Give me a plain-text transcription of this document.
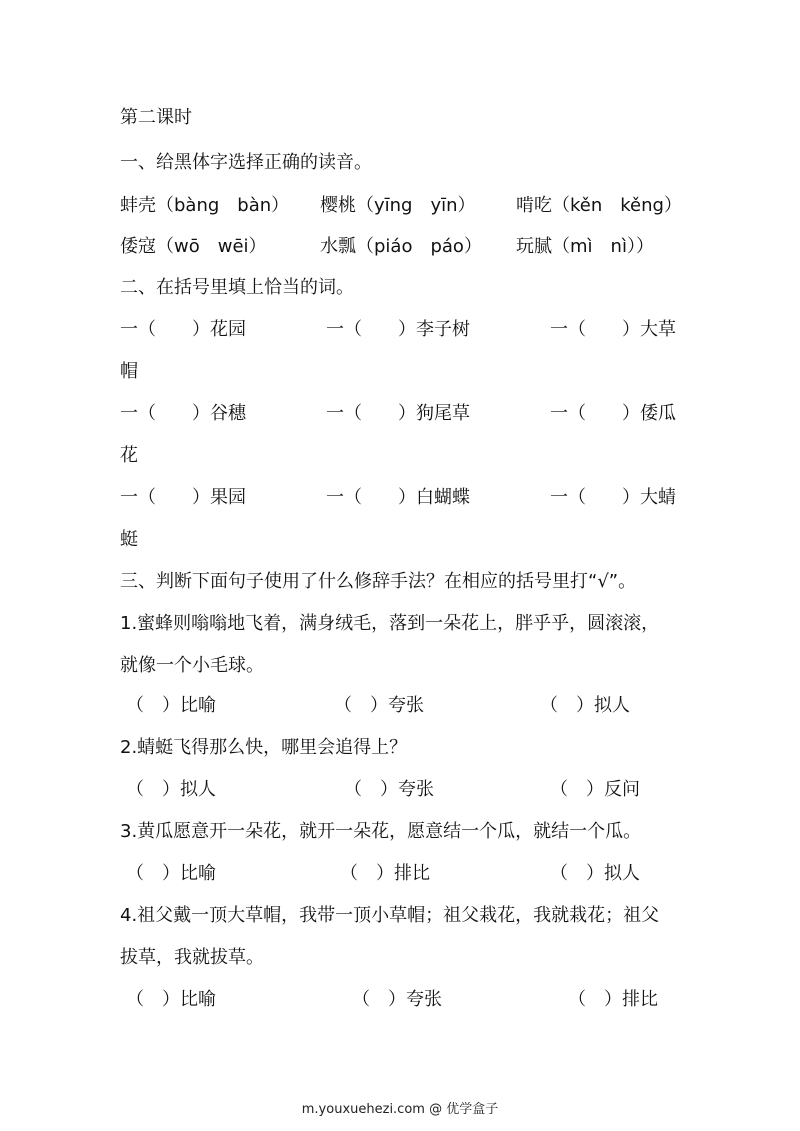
第二课时
一、给黑体字选择正确的读音。
蚌壳（bàng　bàn） 樱桃（yīng　yīn） 啃吃（kěn　kěng）
倭寇（wō　wēi）	水瓢（piáo　páo） 玩腻（mì　nì））
二、在括号里填上恰当的词。
一（　　）花园	一（　　）李子树	一（　　）大草
帽
一（　　）谷穗	一（　　）狗尾草	一（　　）倭瓜
花
一（　　）果园	一（　　）白蝴蝶	一（　　）大蜻
蜓
三、判断下面句子使用了什么修辞手法？在相应的括号里打“√”。
1.蜜蜂则嗡嗡地飞着，满身绒毛，落到一朵花上，胖乎乎，圆滚滚，
就像一个小毛球。
（　）比喻	（　）夸张	（　）拟人
2.蜻蜓飞得那么快，哪里会追得上？
（　）拟人	（　）夸张	（　）反问
3.黄瓜愿意开一朵花，就开一朵花，愿意结一个瓜，就结一个瓜。
（　）比喻	（　）排比	（　）拟人
4.祖父戴一顶大草帽，我带一顶小草帽；祖父栽花，我就栽花；祖父
拔草，我就拔草。
（　）比喻	（　）夸张	（　）排比
m.youxuehezi.com @ 优学盒子
